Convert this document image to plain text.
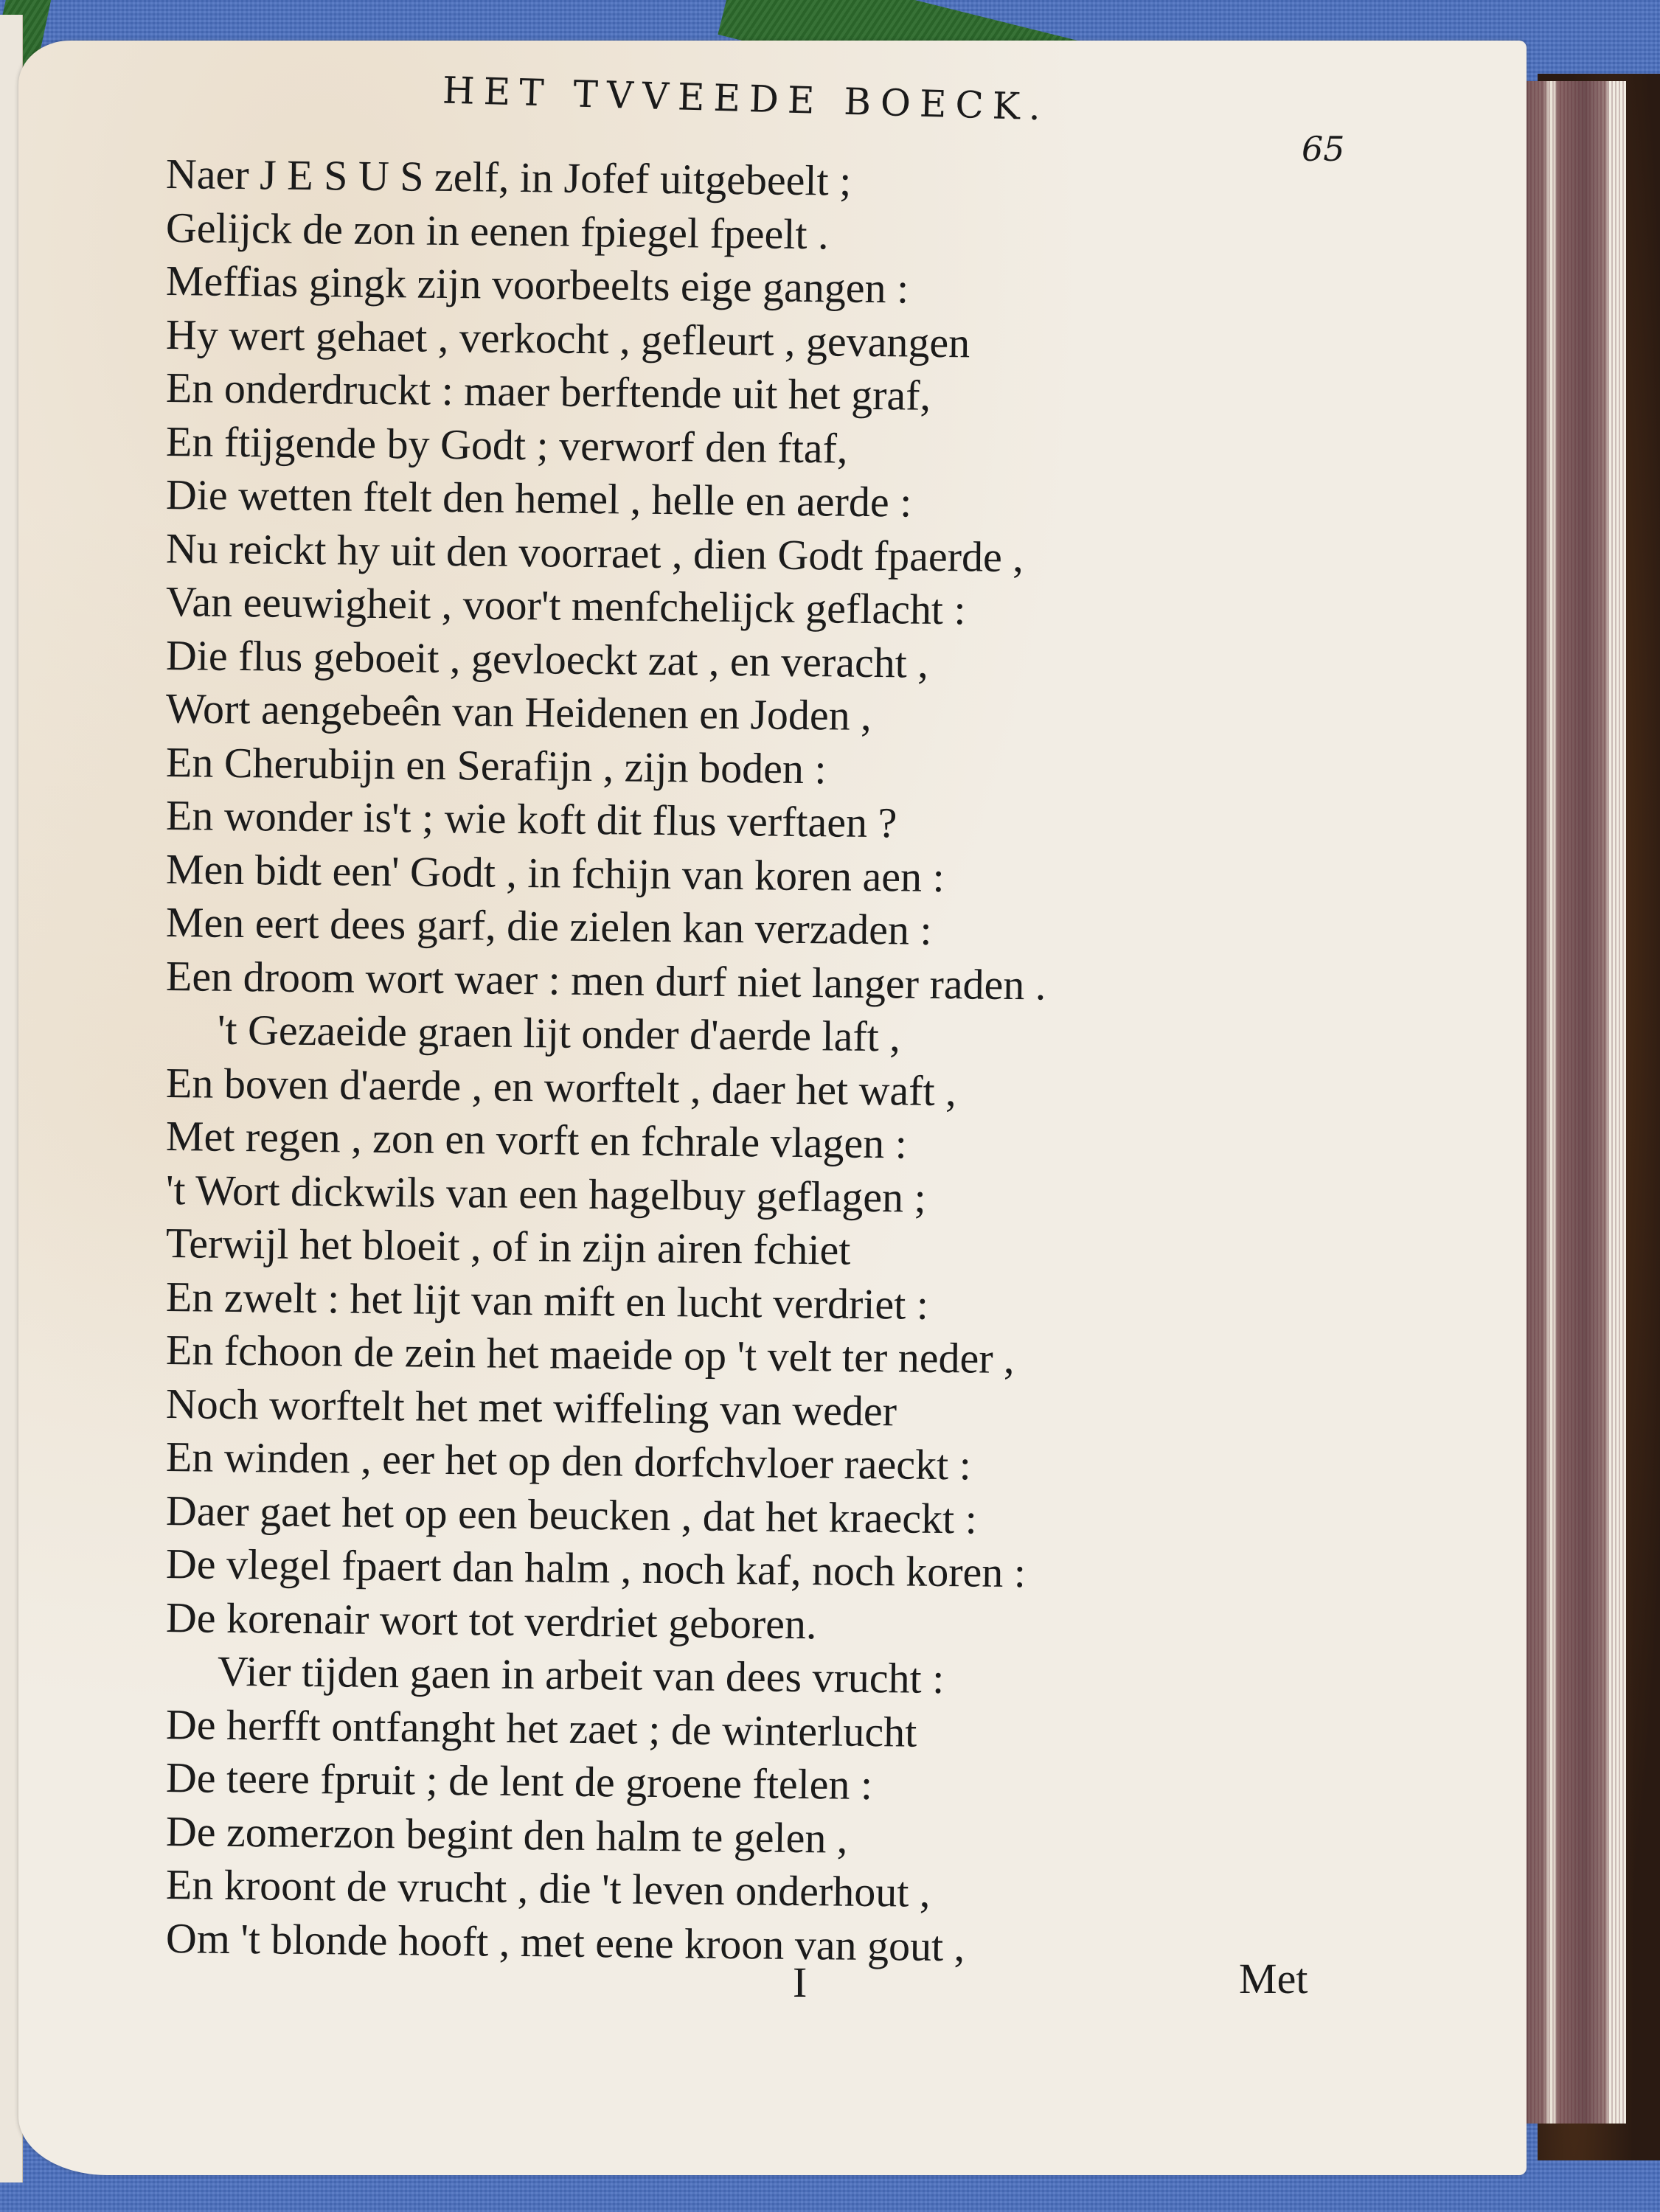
HET TVVEEDE BOECK.
65
Naer J E S U S zelf, in Jofef uitgebeelt ;
Gelijck de zon in eenen fpiegel fpeelt .
Meffias gingk zijn voorbeelts eige gangen :
Hy wert gehaet , verkocht , gefleurt , gevangen
En onderdruckt : maer berftende uit het graf,
En ftijgende by Godt ; verworf den ftaf,
Die wetten ftelt den hemel , helle en aerde :
Nu reickt hy uit den voorraet , dien Godt fpaerde ,
Van eeuwigheit , voor't menfchelijck geflacht :
Die flus geboeit , gevloeckt zat , en veracht ,
Wort aengebeên van Heidenen en Joden ,
En Cherubijn en Serafijn , zijn boden :
En wonder is't ; wie koft dit flus verftaen ?
Men bidt een' Godt , in fchijn van koren aen :
Men eert dees garf, die zielen kan verzaden :
Een droom wort waer : men durf niet langer raden .
't Gezaeide graen lijt onder d'aerde laft ,
En boven d'aerde , en worftelt , daer het waft ,
Met regen , zon en vorft en fchrale vlagen :
't Wort dickwils van een hagelbuy geflagen ;
Terwijl het bloeit , of in zijn airen fchiet
En zwelt : het lijt van mift en lucht verdriet :
En fchoon de zein het maeide op 't velt ter neder ,
Noch worftelt het met wiffeling van weder
En winden , eer het op den dorfchvloer raeckt :
Daer gaet het op een beucken , dat het kraeckt :
De vlegel fpaert dan halm , noch kaf, noch koren :
De korenair wort tot verdriet geboren.
Vier tijden gaen in arbeit van dees vrucht :
De herfft ontfanght het zaet ; de winterlucht
De teere fpruit ; de lent de groene ftelen :
De zomerzon begint den halm te gelen ,
En kroont de vrucht , die 't leven onderhout ,
Om 't blonde hooft , met eene kroon van gout ,
I	Met
